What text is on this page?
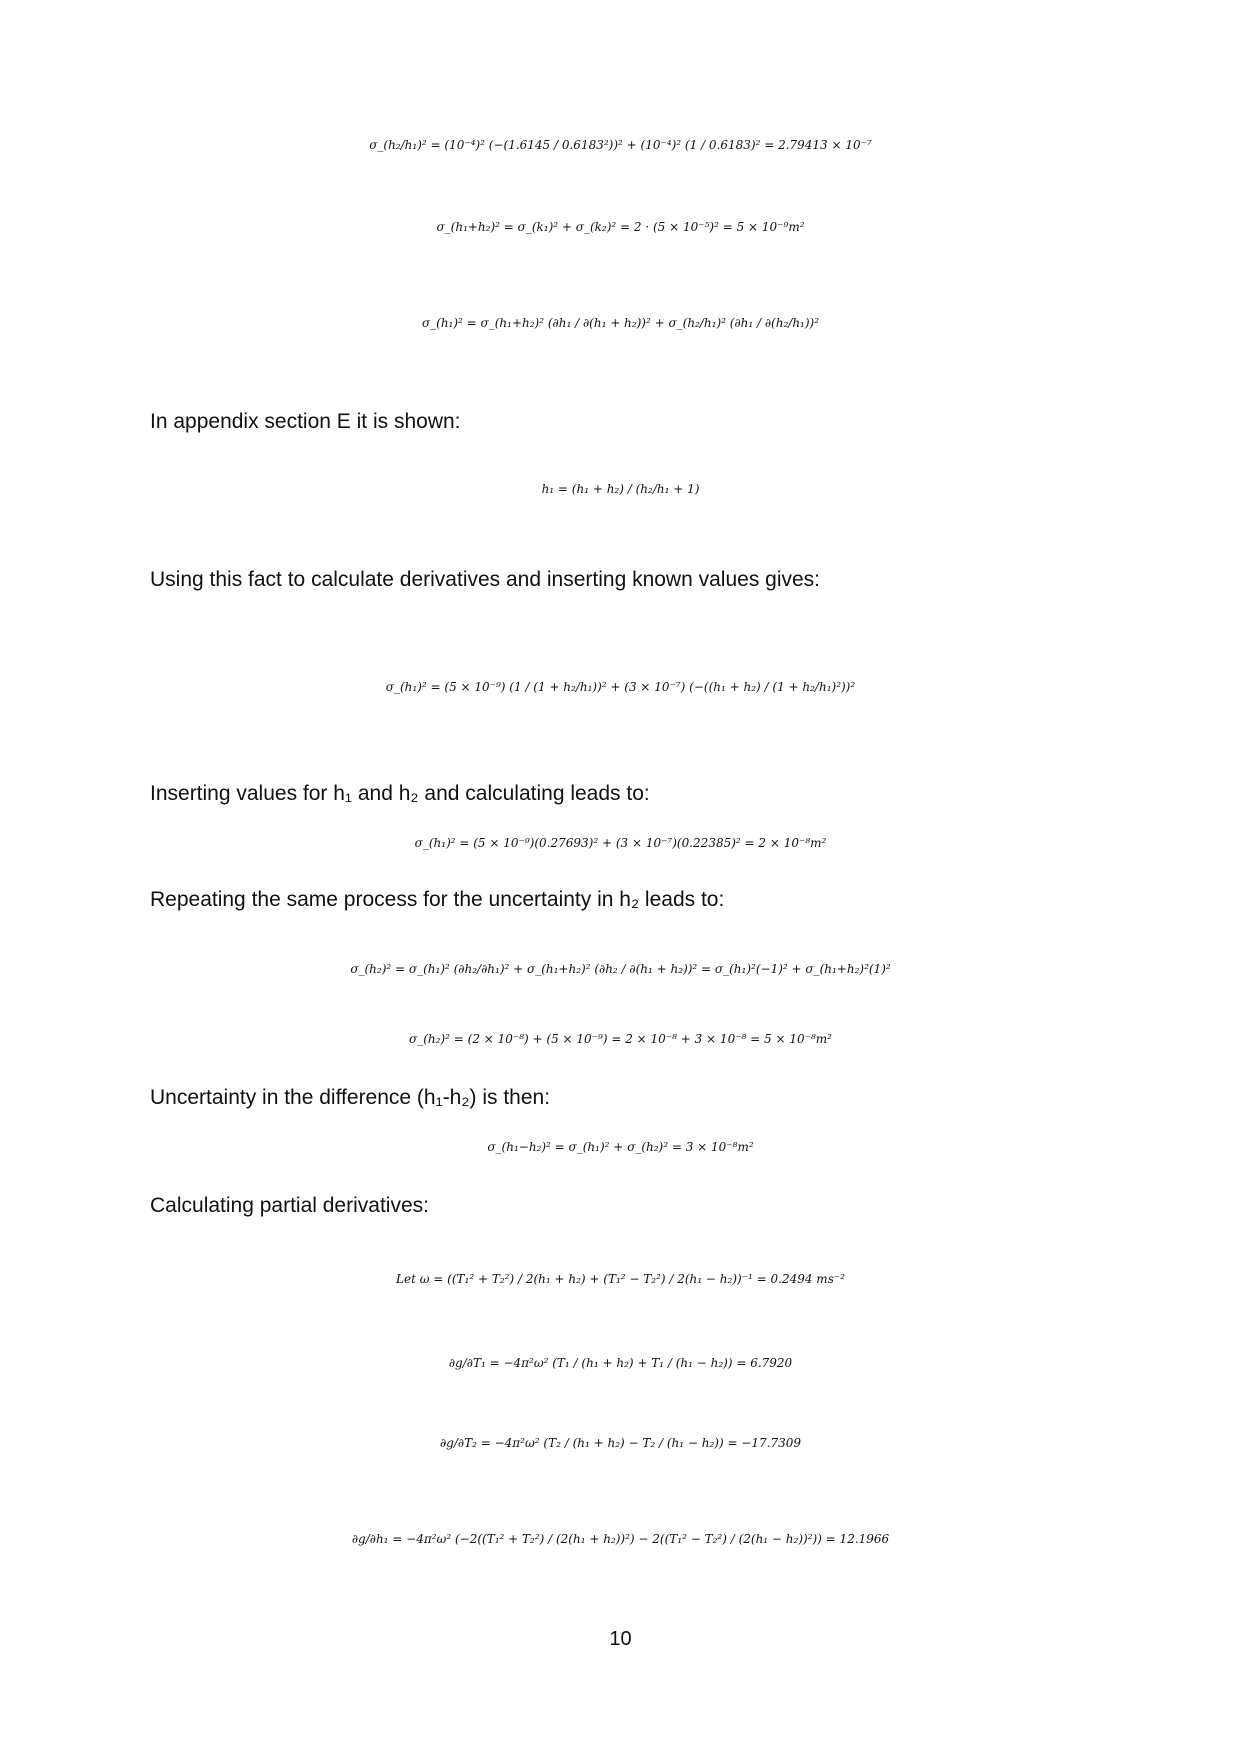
σ_(h₂/h₁)² = (10⁻⁴)² (−(1.6145 / 0.6183²))² + (10⁻⁴)² (1 / 0.6183)² = 2.79413 × 10⁻⁷
σ_(h₁+h₂)² = σ_(k₁)² + σ_(k₂)² = 2 · (5 × 10⁻⁵)² = 5 × 10⁻⁹m²
σ_(h₁)² = σ_(h₁+h₂)² (∂h₁ / ∂(h₁ + h₂))² + σ_(h₂/h₁)² (∂h₁ / ∂(h₂/h₁))²
In appendix section E it is shown:
h₁ = (h₁ + h₂) / (h₂/h₁ + 1)
Using this fact to calculate derivatives and inserting known values gives:
σ_(h₁)² = (5 × 10⁻⁹) (1 / (1 + h₂/h₁))² + (3 × 10⁻⁷) (−((h₁ + h₂) / (1 + h₂/h₁)²))²
Inserting values for h₁ and h₂ and calculating leads to:
σ_(h₁)² = (5 × 10⁻⁹)(0.27693)² + (3 × 10⁻⁷)(0.22385)² = 2 × 10⁻⁸m²
Repeating the same process for the uncertainty in h₂ leads to:
σ_(h₂)² = σ_(h₁)² (∂h₂/∂h₁)² + σ_(h₁+h₂)² (∂h₂ / ∂(h₁ + h₂))² = σ_(h₁)²(−1)² + σ_(h₁+h₂)²(1)²
σ_(h₂)² = (2 × 10⁻⁸) + (5 × 10⁻⁹) = 2 × 10⁻⁸ + 3 × 10⁻⁸ = 5 × 10⁻⁸m²
Uncertainty in the difference (h₁-h₂) is then:
σ_(h₁−h₂)² = σ_(h₁)² + σ_(h₂)² = 3 × 10⁻⁸m²
Calculating partial derivatives:
Let ω = ((T₁² + T₂²) / 2(h₁ + h₂) + (T₁² − T₂²) / 2(h₁ − h₂))⁻¹ = 0.2494 ms⁻²
∂g/∂T₁ = −4π²ω² (T₁ / (h₁ + h₂) + T₁ / (h₁ − h₂)) = 6.7920
∂g/∂T₂ = −4π²ω² (T₂ / (h₁ + h₂) − T₂ / (h₁ − h₂)) = −17.7309
∂g/∂h₁ = −4π²ω² (−2((T₁² + T₂²) / (2(h₁ + h₂))²) − 2((T₁² − T₂²) / (2(h₁ − h₂))²)) = 12.1966
10
